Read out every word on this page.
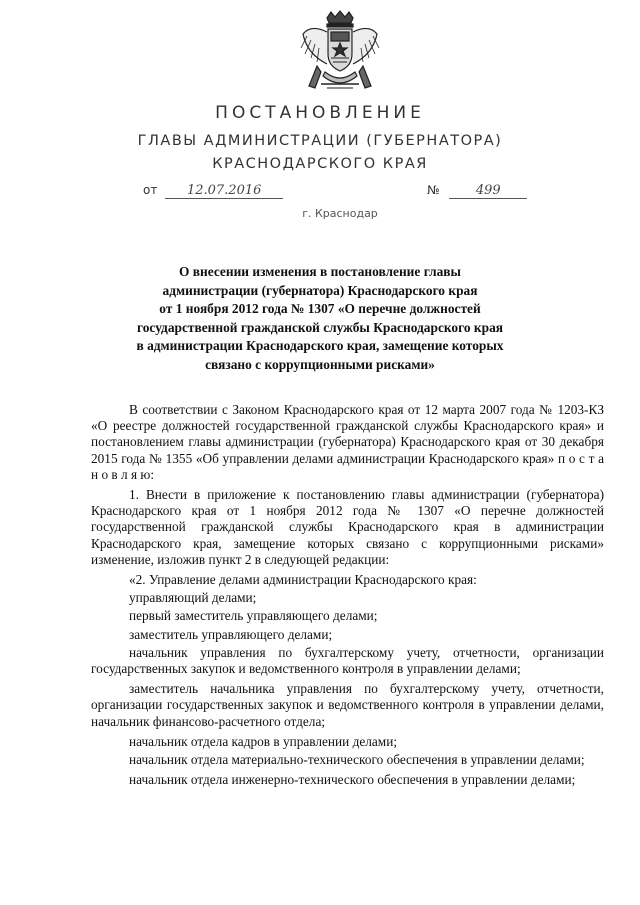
ПОСТАНОВЛЕНИЕ
ГЛАВЫ АДМИНИСТРАЦИИ (ГУБЕРНАТОРА)
КРАСНОДАРСКОГО КРАЯ
от 12.07.2016	№	499
г. Краснодар
О внесении изменения в постановление главы
администрации (губернатора) Краснодарского края
от 1 ноября 2012 года № 1307 «О перечне должностей
государственной гражданской службы Краснодарского края
в администрации Краснодарского края, замещение которых
связано с коррупционными рисками»

В соответствии с Законом Краснодарского края от 12 марта 2007 года № 1203-КЗ «О реестре должностей государственной гражданской службы Краснодарского края» и постановлением главы администрации (губернатора) Краснодарского края от 30 декабря 2015 года № 1355 «Об управлении делами администрации Краснодарского края» п о с т а н о в л я ю:

1. Внести в приложение к постановлению главы администрации (губернатора) Краснодарского края от 1 ноября 2012 года № 1307 «О перечне должностей государственной гражданской службы Краснодарского края в администрации Краснодарского края, замещение которых связано с коррупционными рисками» изменение, изложив пункт 2 в следующей редакции:

«2. Управление делами администрации Краснодарского края:

управляющий делами;

первый заместитель управляющего делами;

заместитель управляющего делами;

начальник управления по бухгалтерскому учету, отчетности, организации государственных закупок и ведомственного контроля в управлении делами;

заместитель начальника управления по бухгалтерскому учету, отчетности, организации государственных закупок и ведомственного контроля в управлении делами, начальник финансово-расчетного отдела;

начальник отдела кадров в управлении делами;

начальник отдела материально-технического обеспечения в управлении делами;

начальник отдела инженерно-технического обеспечения в управлении делами;
